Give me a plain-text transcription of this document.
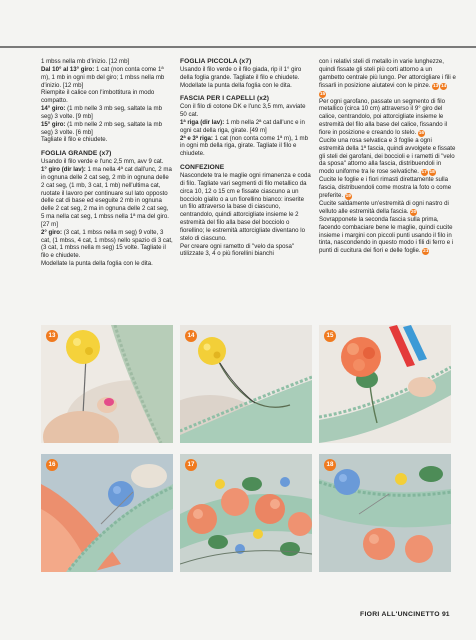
1 mbss nella mb d'inizio. [12 mb]

Dal 10° al 13° giro: 1 cat (non conta come 1ª m), 1 mb in ogni mb del giro; 1 mbss nella mb d'inizio. [12 mb]

Riempite il calice con l'imbottitura in modo compatto.

14° giro: (1 mb nelle 3 mb seg, saltate la mb seg) 3 volte. [9 mb]

15° giro: (1 mb nelle 2 mb seg, saltate la mb seg) 3 volte. [6 mb]

Tagliate il filo e chiudete.

FOGLIA GRANDE (x7)

Usando il filo verde e l'unc 2,5 mm, avv 9 cat.

1° giro (dir lav): 1 ma nella 4ª cat dall'unc, 2 ma in ognuna delle 2 cat seg, 2 mb in ognuna delle 2 cat seg, (1 mb, 3 cat, 1 mb) nell'ultima cat, ruotate il lavoro per continuare sul lato opposto delle cat di base ed eseguite 2 mb in ognuna delle 2 cat seg, 2 ma in ognuna delle 2 cat seg, 5 ma nella cat seg, 1 mbss nella 1ª ma del giro. [27 m]

2° giro: (3 cat, 1 mbss nella m seg) 9 volte, 3 cat, (1 mbss, 4 cat, 1 mbss) nello spazio di 3 cat, (3 cat, 1 mbss nella m seg) 15 volte. Tagliate il filo e chiudete.

Modellate la punta della foglia con le dita.

FOGLIA PICCOLA (x7)

Usando il filo verde o il filo giada, rip il 1° giro della foglia grande. Tagliate il filo e chiudete.

Modellate la punta della foglia con le dita.

FASCIA PER I CAPELLI (x2)

Con il filo di cotone DK e l'unc 3,5 mm, avviate 50 cat.

1ª riga (dir lav): 1 mb nella 2ª cat dall'unc e in ogni cat della riga, girate. [49 m]

2ª e 3ª riga: 1 cat (non conta come 1ª m), 1 mb in ogni mb della riga, girate. Tagliate il filo e chiudete.

CONFEZIONE

Nascondete tra le maglie ogni rimanenza e coda di filo. Tagliate vari segmenti di filo metallico da circa 10, 12 o 15 cm e fissate ciascuno a un bocciolo giallo o a un fiorellino bianco: inserite un filo attraverso la base di ciascuno, centrandolo, quindi attorcigliate insieme le 2 estremità del filo alla base del bocciolo o fiorellino; le estremità attorcigliate diventano lo stelo di ciascuno.

Per creare ogni rametto di "velo da sposa" utilizzate 3, 4 o più fiorellini bianchi

con i relativi steli di metallo in varie lunghezze, quindi fissate gli steli più corti attorno a un gambetto centrale più lungo. Per attorcigliare i fili e fissarli in posizione aiutatevi con le pinze. 13 1415

Per ogni garofano, passate un segmento di filo metallico (circa 10 cm) attraverso il 9° giro del calice, centrandolo, poi attorcigliate insieme le estremità del filo alla base del calice, fissando il fiore in posizione e creando lo stelo. 16

Cucite una rosa selvatica e 3 foglie a ogni estremità della 1ª fascia, quindi avvolgete e fissate gli steli dei garofani, dei boccioli e i rametti di "velo da sposa" attorno alla fascia, distribuendoli in modo uniforme tra le rose selvatiche. 17 18

Cucite le foglie e i fiori rimasti direttamente sulla fascia, distribuendoli come mostra la foto o come preferite. 19

Cucite saldamente un'estremità di ogni nastro di velluto alle estremità della fascia. 20

Sovrapponete la seconda fascia sulla prima, facendo combaciare bene le maglie, quindi cucite insieme i margini con piccoli punti usando il filo in tinta, nascondendo in questo modo i fili di ferro e i punti di cucitura dei fiori e delle foglie. 21

13	14	15
16	17	18
FIORI ALL'UNCINETTO 91
